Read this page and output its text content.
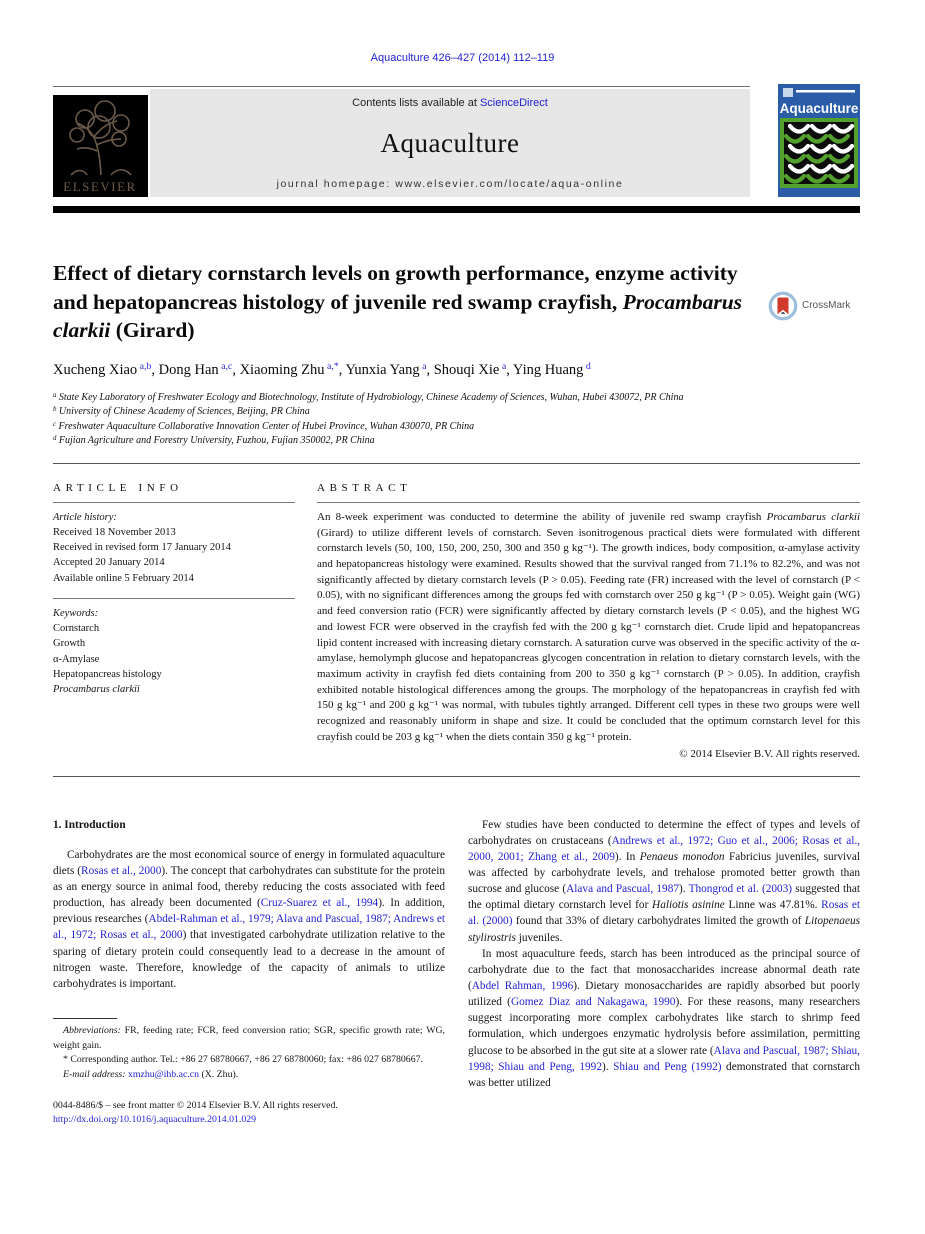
Aquaculture 426–427 (2014) 112–119
ELSEVIER
Contents lists available at ScienceDirect
Aquaculture
journal homepage: www.elsevier.com/locate/aqua-online
Aquaculture
Effect of dietary cornstarch levels on growth performance, enzyme activity and hepatopancreas histology of juvenile red swamp crayfish, Procambarus clarkii (Girard)
CrossMark
Xucheng Xiao $^{a,b}$, Dong Han $^{a,c}$, Xiaoming Zhu $^{a,*}$, Yunxia Yang $^a$, Shouqi Xie $^a$, Ying Huang $^d$
$^a$ State Key Laboratory of Freshwater Ecology and Biotechnology, Institute of Hydrobiology, Chinese Academy of Sciences, Wuhan, Hubei 430072, PR China
$^b$ University of Chinese Academy of Sciences, Beijing, PR China
$^c$ Freshwater Aquaculture Collaborative Innovation Center of Hubei Province, Wuhan 430070, PR China
$^d$ Fujian Agriculture and Forestry University, Fuzhou, Fujian 350002, PR China
ARTICLE INFO
Article history:
Received 18 November 2013
Received in revised form 17 January 2014
Accepted 20 January 2014
Available online 5 February 2014
Keywords:
Cornstarch
Growth
α-Amylase
Hepatopancreas histology
Procambarus clarkii
ABSTRACT

An 8-week experiment was conducted to determine the ability of juvenile red swamp crayfish Procambarus clarkii (Girard) to utilize different levels of cornstarch. Seven isonitrogenous practical diets were formulated with different cornstarch levels (50, 100, 150, 200, 250, 300 and 350 g kg⁻¹). The growth indices, body composition, α-amylase activity and hepatopancreas histology were examined. Results showed that the survival ranged from 71.1% to 82.2%, and was not significantly affected by dietary cornstarch levels (P > 0.05). Feeding rate (FR) increased with the level of cornstarch (P < 0.05), with no significant differences among the groups fed with cornstarch over 250 g kg⁻¹ (P > 0.05). Weight gain (WG) and feed conversion ratio (FCR) were significantly affected by dietary cornstarch levels (P < 0.05), and the highest WG and lowest FCR were observed in the crayfish fed with the 200 g kg⁻¹ cornstarch diet. Crude lipid and hepatopancreas lipid content increased with increasing dietary cornstarch. A saturation curve was observed in the specific activity of the α-amylase, hemolymph glucose and hepatopancreas glycogen concentration in relation to dietary cornstarch levels, with the maximum activity in crayfish fed diets containing from 200 to 350 g kg⁻¹ cornstarch (P > 0.05). In addition, crayfish exhibited notable histological differences among the groups. The morphology of the hepatopancreas in crayfish fed with 150 g kg⁻¹ and 200 g kg⁻¹ was normal, with tubules tightly arranged. Different cell types in these two groups were well recognized and reasonably uniform in shape and size. It could be concluded that the optimum cornstarch level for this crayfish could be 203 g kg⁻¹ when the diets contain 350 g kg⁻¹ protein.

© 2014 Elsevier B.V. All rights reserved.
1. Introduction

Carbohydrates are the most economical source of energy in formulated aquaculture diets (Rosas et al., 2000). The concept that carbohydrates can substitute for the protein as an energy source in animal food, thereby reducing the costs associated with feed production, has already been documented (Cruz-Suarez et al., 1994). In addition, previous researches (Abdel-Rahman et al., 1979; Alava and Pascual, 1987; Andrews et al., 1972; Rosas et al., 2000) that investigated carbohydrate utilization relative to the sparing of dietary protein could consequently lead to a decrease in the amount of nitrogen waste. Therefore, knowledge of the capacity of animals to utilize carbohydrates is important.

Abbreviations: FR, feeding rate; FCR, feed conversion ratio; SGR, specific growth rate; WG, weight gain.

* Corresponding author. Tel.: +86 27 68780667, +86 27 68780060; fax: +86 027 68780667.

E-mail address: xmzhu@ihb.ac.cn (X. Zhu).

0044-8486/$ – see front matter © 2014 Elsevier B.V. All rights reserved.
http://dx.doi.org/10.1016/j.aquaculture.2014.01.029

Few studies have been conducted to determine the effect of types and levels of carbohydrates on crustaceans (Andrews et al., 1972; Guo et al., 2006; Rosas et al., 2000, 2001; Zhang et al., 2009). In Penaeus monodon Fabricius juveniles, survival was affected by carbohydrate levels, and trehalose promoted better growth than sucrose and glucose (Alava and Pascual, 1987). Thongrod et al. (2003) suggested that the optimal dietary cornstarch level for Haliotis asinine Linne was 47.81%. Rosas et al. (2000) found that 33% of dietary carbohydrates limited the growth of Litopenaeus stylirostris juveniles.

In most aquaculture feeds, starch has been introduced as the principal source of carbohydrate due to the fact that monosaccharides increase abnormal death rate (Abdel Rahman, 1996). Dietary monosaccharides are rapidly absorbed but poorly utilized (Gomez Diaz and Nakagawa, 1990). For these reasons, many researchers suggest incorporating more complex carbohydrates like starch to shrimp feed formulation, which undergoes enzymatic hydrolysis before assimilation, permitting glucose to be absorbed in the gut site at a slower rate (Alava and Pascual, 1987; Shiau, 1998; Shiau and Peng, 1992). Shiau and Peng (1992) demonstrated that cornstarch was better utilized
